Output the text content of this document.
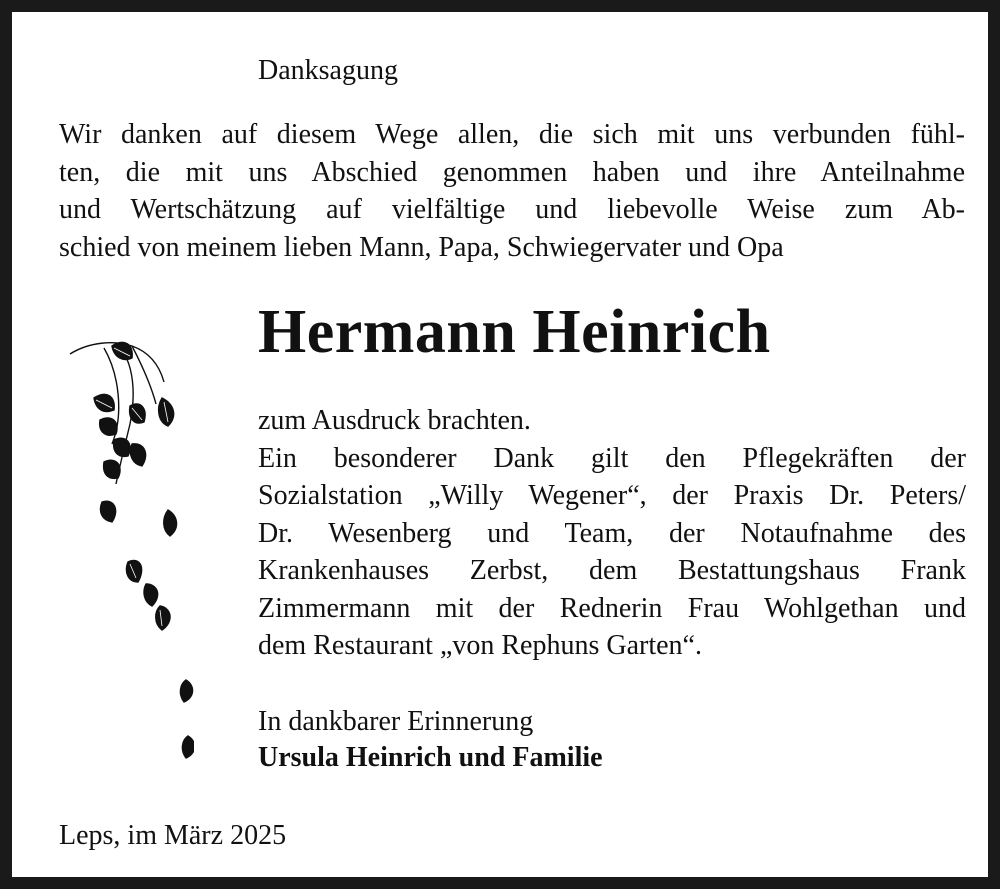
Danksagung
Wir danken auf diesem Wege allen, die sich mit uns verbunden fühl-
ten, die mit uns Abschied genommen haben und ihre Anteilnahme
und Wertschätzung auf vielfältige und liebevolle Weise zum Ab-
schied von meinem lieben Mann, Papa, Schwiegervater und Opa
Hermann Heinrich
zum Ausdruck brachten.
Ein besonderer Dank gilt den Pflegekräften der
Sozialstation „Willy Wegener“, der Praxis Dr. Peters/
Dr. Wesenberg und Team, der Notaufnahme des
Krankenhauses Zerbst, dem Bestattungshaus Frank
Zimmermann mit der Rednerin Frau Wohlgethan und
dem Restaurant „von Rephuns Garten“.
In dankbarer Erinnerung
Ursula Heinrich und Familie
Leps, im März 2025
